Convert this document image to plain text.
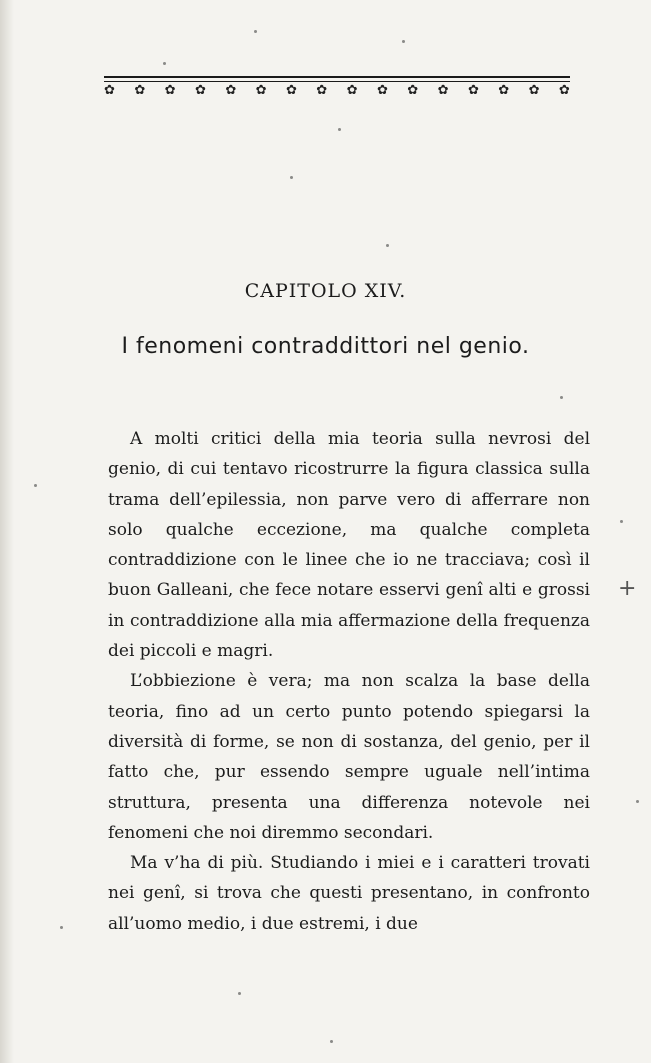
✿ ✿ ✿ ✿ ✿ ✿ ✿ ✿ ✿ ✿ ✿ ✿ ✿ ✿ ✿ ✿
CAPITOLO XIV.
I fenomeni contraddittori nel genio.

A molti critici della mia teoria sulla nevrosi del genio, di cui tentavo ricostrurre la figura classica sulla trama dell’epilessia, non parve vero di afferrare non solo qualche eccezione, ma qualche completa contraddizione con le linee che io ne tracciava; così il buon Galleani, che fece notare esservi genî alti e grossi in contraddizione alla mia affermazione della frequenza dei piccoli e magri.

L’obbiezione è vera; ma non scalza la base della teoria, fino ad un certo punto potendo spiegarsi la diversità di forme, se non di sostanza, del genio, per il fatto che, pur essendo sempre uguale nell’intima struttura, presenta una differenza notevole nei fenomeni che noi diremmo secondari.

Ma v’ha di più. Studiando i miei e i caratteri trovati nei genî, si trova che questi presentano, in confronto all’uomo medio, i due estremi, i due

+
